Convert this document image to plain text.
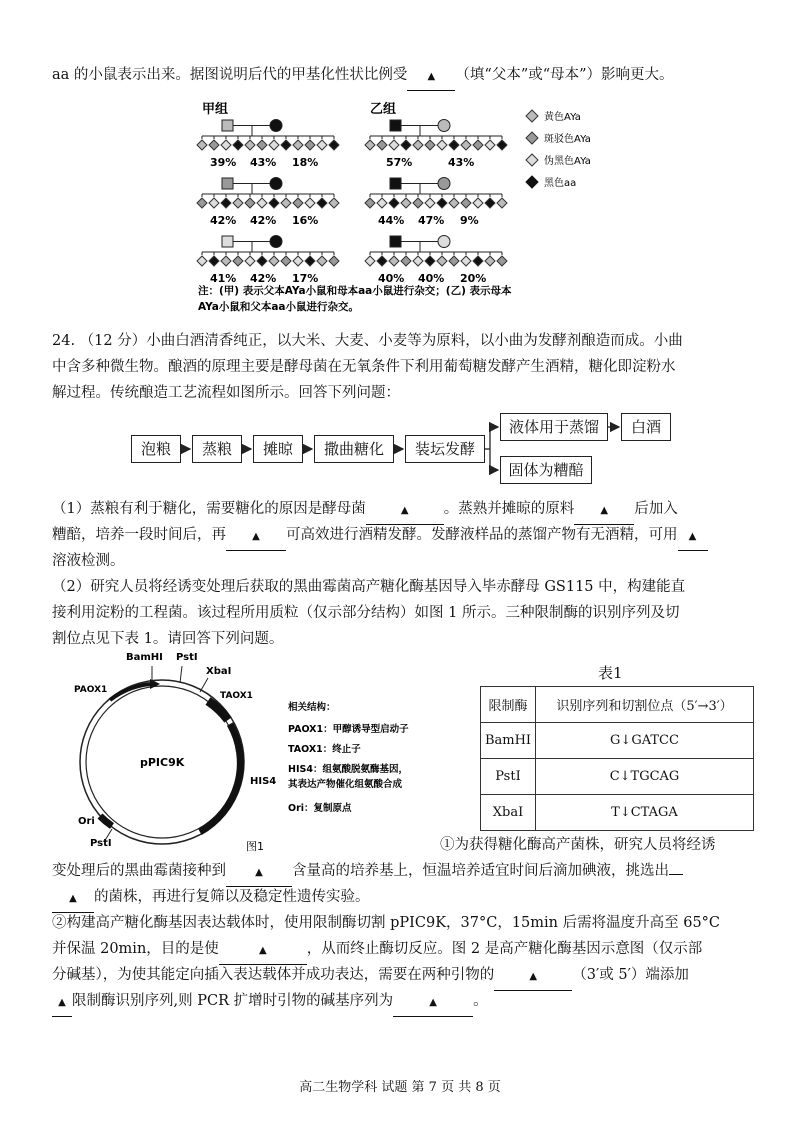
aa 的小鼠表示出来。据图说明后代的甲基化性状比例受 ▲ （填“父本”或“母本”）影响更大。
39% 43% 18%
42% 42% 16%
41% 42% 17%
57%	43%
44% 47% 9%
40% 40% 20%
甲组	乙组
黄色AYa
斑驳色AYa
伪黑色AYa
黑色aa
注：(甲) 表示父本AYa小鼠和母本aa小鼠进行杂交；(乙) 表示母本
AYa小鼠和父本aa小鼠进行杂交。
24. （12 分）小曲白酒清香纯正，以大米、大麦、小麦等为原料，以小曲为发酵剂酿造而成。小曲
中含多种微生物。酿酒的原理主要是酵母菌在无氧条件下利用葡萄糖发酵产生酒精，糖化即淀粉水
解过程。传统酿造工艺流程如图所示。回答下列问题：
泡粮	蒸粮	摊晾	撒曲糖化	装坛发酵
液体用于蒸馏	白酒
固体为糟醅
（1）蒸粮有利于糖化，需要糖化的原因是酵母菌	▲ 。蒸熟并摊晾的原料	▲ 后加入
糟醅，培养一段时间后，再	▲ 可高效进行酒精发酵。发酵液样品的蒸馏产物有无酒精，可用 ▲
溶液检测。
（2）研究人员将经诱变处理后获取的黑曲霉菌高产糖化酶基因导入毕赤酵母 GS115 中，构建能直
接利用淀粉的工程菌。该过程所用质粒（仅示部分结构）如图 1 所示。三种限制酶的识别序列及切
割位点见下表 1。请回答下列问题。
BamHI PstI
XbaI
PAOX1
TAOX1
HIS4
Ori
PstI
pPIC9K
图1
相关结构：
PAOX1：甲醇诱导型启动子
TAOX1：终止子
HIS4：组氨酸脱氨酶基因，
其表达产物催化组氨酸合成
Ori：复制原点
表1
限制酶	识别序列和切割位点（5′→3′）
BamHI	G↓GATCC
PstI	C↓TGCAG
XbaI	T↓CTAGA
①为获得糖化酶高产菌株，研究人员将经诱
变处理后的黑曲霉菌接种到	▲ 含量高的培养基上，恒温培养适宜时间后滴加碘液，挑选出
▲ 的菌株，再进行复筛以及稳定性遗传实验。
②构建高产糖化酶基因表达载体时，使用限制酶切割 pPIC9K，37°C，15min 后需将温度升高至 65°C
并保温 20min，目的是使	▲	，从而终止酶切反应。图 2 是高产糖化酶基因示意图（仅示部
分碱基），为使其能定向插入表达载体并成功表达，需要在两种引物的	▲ （3′或 5′）端添加
▲ 限制酶识别序列,则 PCR 扩增时引物的碱基序列为	▲ 。
高二生物学科 试题 第 7 页 共 8 页
